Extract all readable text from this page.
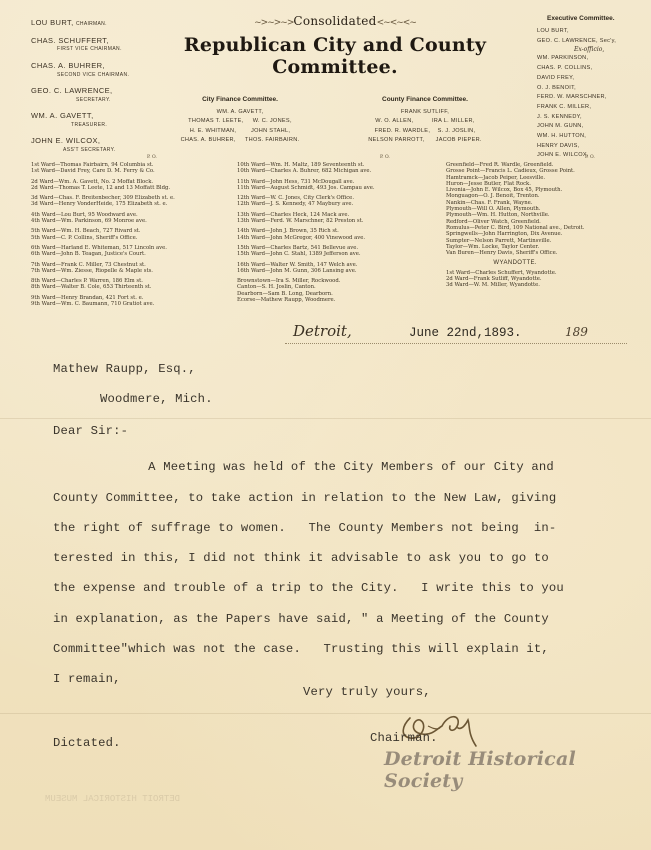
LOU BURT, CHAIRMAN.
CHAS. SCHUFFERT,
FIRST VICE CHAIRMAN.
CHAS. A. BUHRER,
SECOND VICE CHAIRMAN.
GEO. C. LAWRENCE,
SECRETARY.
WM. A. GAVETT,
TREASURER.
JOHN E. WILCOX,
ASS'T SECRETARY.
~>~>~>Consolidated<~<~<~
Republican City and County Committee.
Executive Committee.
LOU BURT,
GEO. C. LAWRENCE, Sec'y,
Ex-officio,
WM. PARKINSON,
CHAS. P. COLLINS,
DAVID FREY,
O. J. BENOIT,
FERD. W. MARSCHNER,
FRANK C. MILLER,
J. S. KENNEDY,
JOHN M. GUNN,
WM. H. HUTTON,
HENRY DAVIS,
JOHN E. WILCOX,
City Finance Committee.
WM. A. GAVETT,
THOMAS T. LEETE,     W. C. JONES,
H. E. WHITMAN,        JOHN STAHL,
CHAS. A. BUHRER,     THOS. FAIRBAIRN.
County Finance Committee.
FRANK SUTLIFF,
W. O. ALLEN,          IRA L. MILLER,
FRED. R. WARDLE,    S. J. JOSLIN,
NELSON PARROTT,      JACOB PIEPER.
P. O.	P. O.	P. O.
1st Ward—Thomas Fairbairn, 94 Columbia st.
1st Ward—David Frey, Care D. M. Ferry & Co.
2d Ward—Wm. A. Gavett, No. 2 Moffat Block.
2d Ward—Thomas T. Leete, 12 and 13 Moffatt Bldg.
3d Ward—Chas. F. Breitenbecher, 309 Elizabeth st. e.
3d Ward—Henry VonderHeide, 175 Elizabeth st. e.
4th Ward—Lou Burt, 95 Woodward ave.
4th Ward—Wm. Parkinson, 69 Monroe ave.
5th Ward—Wm. H. Beach, 727 Rivard st.
5th Ward—C. P. Collins, Sheriff's Office.
6th Ward—Harland E. Whiteman, 517 Lincoln ave.
6th Ward—John B. Teagan, Justice's Court.
7th Ward—Frank C. Miller, 73 Chestnut st.
7th Ward—Wm. Ziesse, Riopelle & Maple sts.
8th Ward—Charles P. Warren, 186 Elm st.
8th Ward—Walter B. Cole, 653 Thirteenth st.
9th Ward—Henry Brandan, 421 Fort st. e.
9th Ward—Wm. C. Baumann, 710 Gratiot ave.
10th Ward—Wm. H. Maltz, 189 Seventeenth st.
10th Ward—Charles A. Buhrer, 682 Michigan ave.
11th Ward—John Hess, 731 McDougall ave.
11th Ward—August Schmidt, 493 Jos. Campau ave.
12th Ward—W. C. Jones, City Clerk's Office.
12th Ward—J. S. Kennedy, 47 Maybury ave.
13th Ward—Charles Heck, 124 Mack ave.
13th Ward—Ferd. W. Marschner, 82 Preston st.
14th Ward—John J. Brown, 35 Rich st.
14th Ward—John McGregor, 400 Vinewood ave.
15th Ward—Charles Bartz, 541 Bellevue ave.
15th Ward—John C. Stahl, 1389 Jefferson ave.
16th Ward—Walter W. Smith, 147 Welch ave.
16th Ward—John M. Gunn, 306 Lansing ave.
Brownstown—Ira S. Miller, Rockwood.
Canton—S. H. Joslin, Canton.
Dearborn—Sam B. Long, Dearborn.
Ecorse—Mathew Raupp, Woodmere.
Greenfield—Fred R. Wardle, Greenfield.
Grosse Point—Francis L. Cadieux, Grosse Point.
Hamtramck—Jacob Peiper, Leesville.
Huron—Jesse Butler, Flat Rock.
Livonia—John E. Wilcox, Box 45, Plymouth.
Monguagon—O. J. Benoit, Trenton.
Nankin—Chas. F. Frank, Wayne.
Plymouth—Will O. Allen, Plymouth.
Plymouth—Wm. H. Hutton, Northville.
Redford—Oliver Watch, Greenfield.
Romulus—Peter C. Bird, 109 National ave., Detroit.
Springwells—John Harrington, Dix Avenue.
Sumpter—Nelson Parrett, Martinsville.
Taylor—Wm. Locke, Taylor Center.
Van Buren—Henry Davis, Sheriff's Office.
WYANDOTTE.
1st Ward—Charles Schuffert, Wyandotte.
2d Ward—Frank Sutliff, Wyandotte.
3d Ward—W. M. Miller, Wyandotte.
Detroit,	June 22nd,1893.	189
Mathew Raupp, Esq.,
Woodmere, Mich.
Dear Sir:-
A Meeting was held of the City Members of our City and
County Committee, to take action in relation to the New Law, giving
the right of suffrage to women.   The County Members not being  in-
terested in this, I did not think it advisable to ask you to go to
the expense and trouble of a trip to the City.   I write this to you
in explanation, as the Papers have said, " a Meeting of the County
Committee"which was not the case.   Trusting this will explain it,
I remain,
Very truly yours,
Chairman.
Dictated.
Detroit Historical Society
DETROIT HISTORICAL MUSEUM
